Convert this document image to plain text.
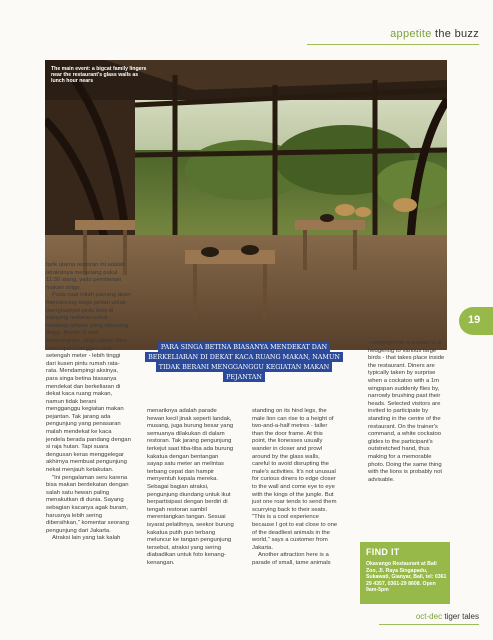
appetite the buzz
The main event: a bigcat family lingers near the restaurant's glass walls as lunch hour nears
19

tarik utama restoran ini adalah atraksinya menjelang pukul 11:30 siang, yaitu pemberian makan singa.

Pada saat inilah pawang akan memancing singa jantan untuk menghampiri pintu besi di samping restoran untuk melahap umpan yang dipasang tinggi. Berdiri di kaki belakangnya, singa jantan bisa mencapai ketinggian dua setengah meter - lebih tinggi dari kusen pintu rumah rata-rata. Mendampingi aksinya, para singa betina biasanya mendekat dan berkeliaran di dekat kaca ruang makan, namun tidak berani mengganggu kegiatan makan pejantan. Tak jarang ada pengunjung yang penasaran malah mendekat ke kaca jendela berada pandang dengan si raja hutan. Tapi suara dengusan keras menggelegar akhirnya membuat pengunjung nekat menjauh ketakutan.

"Ini pengalaman seru karena bisa makan berdekatan dengan salah satu hewan paling menakutkan di dunia. Sayang sebagian kacanya agak buram, harusnya lebih sering dibersihkan," komentar seorang pengunjung dari Jakarta.

Atraksi lain yang tak kalah

PARA SINGA BETINA BIASANYA MENDEKAT DAN BERKELIARAN DI DEKAT KACA RUANG MAKAN, NAMUN TIDAK BERANI MENGGANGGU KEGIATAN MAKAN PEJANTAN

menariknya adalah parade hewan kecil jinak seperti landak, musang, juga burung besar yang semuanya dilakukan di dalam restoran. Tak jarang pengunjung terkejut saat tiba-tiba ada burung kakatua dengan bentangan sayap satu meter an melintas terbang cepat dan hampir menyentuh kepala mereka. Sebagai bagian atraksi, pengunjung diundang untuk ikut berpartisipasi dengan berdiri di tengah restoran sambil merentangkan tangan. Sesuai isyarat pelatihnya, seekor burung kakatua putih pun terbang meluncur ke tangan pengunjung tersebut, atraksi yang sering diabadikan untuk foto kenang-kenangan.

standing on its hind legs, the male lion can rise to a height of two-and-a-half metres - taller than the door frame. At this point, the lionesses usually wander in closer and prowl around by the glass walls, careful to avoid disrupting the male's activities. It's not unusual for curious diners to edge closer to the wall and come eye to eye with the kings of the jungle. But just one roar tends to send them scurrying back to their seats. "This is a cool experience because I got to eat close to one of the deadliest animals in the world," says a customer from Jakarta.

Another attraction here is a parade of small, tame animals

- ranging from a weasel to a hedgehog to various large birds - that takes place inside the restaurant. Diners are typically taken by surprise when a cockatoo with a 1m wingspan suddenly flies by, narrowly brushing past their heads. Selected visitors are invited to participate by standing in the centre of the restaurant. On the trainer's command, a white cockatoo glides to the participant's outstretched hand, thus making for a memorable photo. Doing the same thing with the lions is probably not advisable.

FIND IT
Okavango Restaurant at Bali Zoo, Jl. Raya Singapadu, Sukawati, Gianyar, Bali, tel: 0361 29 4357, 0361-29 8608. Open 9am-5pm
oct-dec tiger tales
